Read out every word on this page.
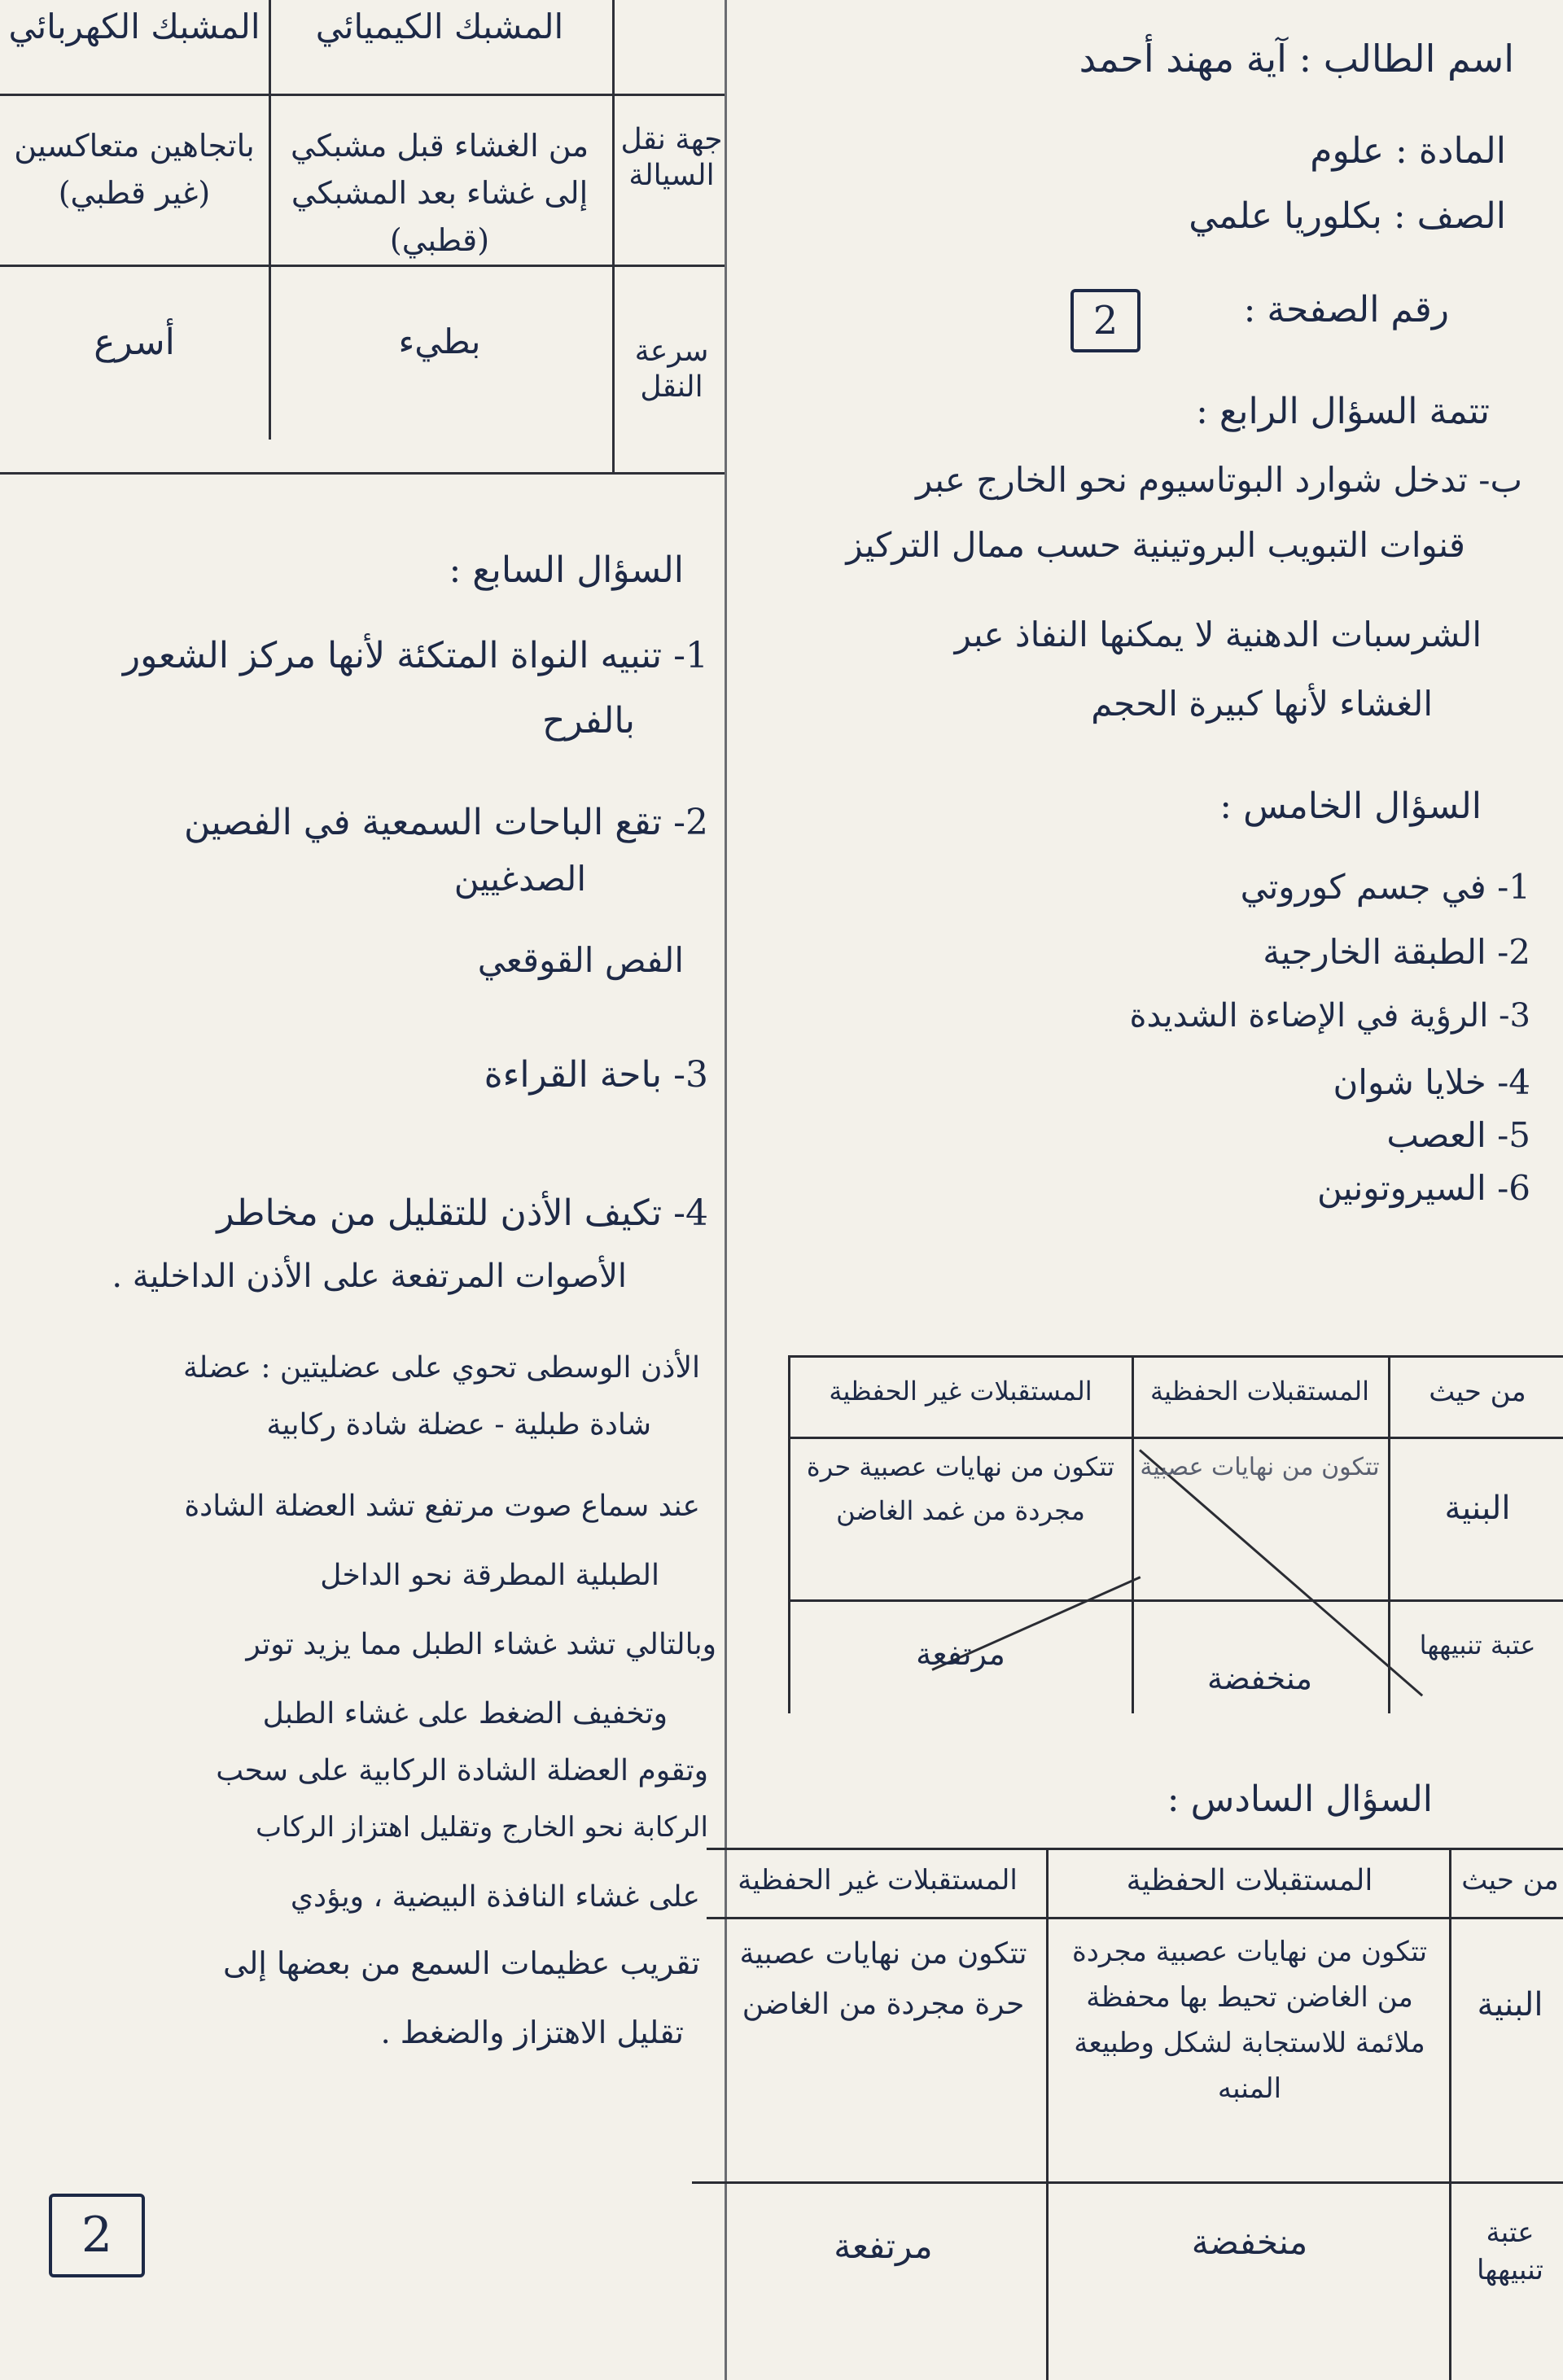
المشبك الكهربائي	المشبك الكيميائي
جهة نقل السيالة
باتجاهين متعاكسين (غير قطبي)
من الغشاء قبل مشبكي إلى غشاء بعد المشبكي (قطبي)
سرعة النقل
أسرع	بطيء
السؤال السابع :
1- تنبيه النواة المتكئة لأنها مركز الشعور
بالفرح
2- تقع الباحات السمعية في الفصين
الصدغيين
الفص القوقعي
3- باحة القراءة
4- تكيف الأذن للتقليل من مخاطر
الأصوات المرتفعة على الأذن الداخلية .
الأذن الوسطى تحوي على عضليتين : عضلة
شادة طبلية - عضلة شادة ركابية
عند سماع صوت مرتفع تشد العضلة الشادة
الطبلية المطرقة نحو الداخل
وبالتالي تشد غشاء الطبل مما يزيد توتر
وتخفيف الضغط على غشاء الطبل
وتقوم العضلة الشادة الركابية على سحب
الركابة نحو الخارج وتقليل اهتزاز الركاب
على غشاء النافذة البيضية ، ويؤدي
تقريب عظيمات السمع من بعضها إلى
تقليل الاهتزاز والضغط .
2
اسم الطالب : آية مهند أحمد
المادة : علوم
الصف : بكلوريا علمي
رقم الصفحة :
2
تتمة السؤال الرابع :
ب- تدخل شوارد البوتاسيوم نحو الخارج عبر
قنوات التبويب البروتينية حسب ممال التركيز
الشرسبات الدهنية لا يمكنها النفاذ عبر
الغشاء لأنها كبيرة الحجم
السؤال الخامس :
1- في جسم كوروتي
2- الطبقة الخارجية
3- الرؤية في الإضاءة الشديدة
4- خلايا شوان
5- العصب
6- السيروتونين
من حيث
المستقبلات الحفظية
المستقبلات غير الحفظية
البنية
تتكون من نهايات عصبية
تتكون من نهايات عصبية حرة مجردة من غمد الغاضن
عتبة تنبيهها
منخفضة
مرتفعة
السؤال السادس :
من حيث
المستقبلات الحفظية
المستقبلات غير الحفظية
البنية
تتكون من نهايات عصبية مجردة من الغاضن تحيط بها محفظة ملائمة للاستجابة لشكل وطبيعة المنبه
تتكون من نهايات عصبية حرة مجردة من الغاضن
عتبة تنبيهها
منخفضة
مرتفعة
